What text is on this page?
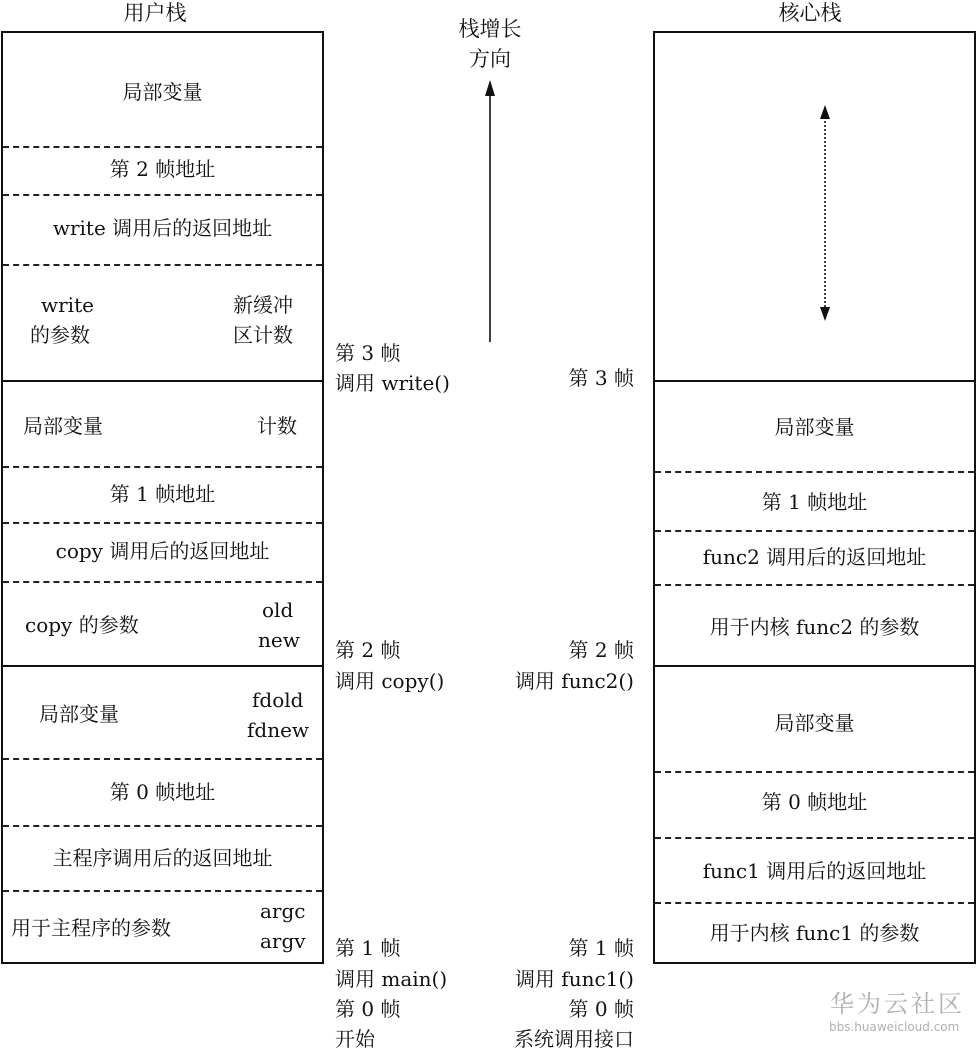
用户栈	核心栈
栈增长
方向
局部变量
第 2 帧地址
write 调用后的返回地址
write
的参数
新缓冲
区计数
局部变量	计数
第 1 帧地址
copy 调用后的返回地址
copy 的参数
old
new
局部变量
fdold
fdnew
第 0 帧地址
主程序调用后的返回地址
用于主程序的参数
argc
argv
局部变量
第 1 帧地址
func2 调用后的返回地址
用于内核 func2 的参数
局部变量
第 0 帧地址
func1 调用后的返回地址
用于内核 func1 的参数
第 3 帧
调用 write()
第 2 帧
调用 copy()
第 1 帧
调用 main()
第 0 帧
开始
第 3 帧
第 2 帧
调用 func2()
第 1 帧
调用 func1()
第 0 帧
系统调用接口
华为云社区
bbs.huaweicloud.com
